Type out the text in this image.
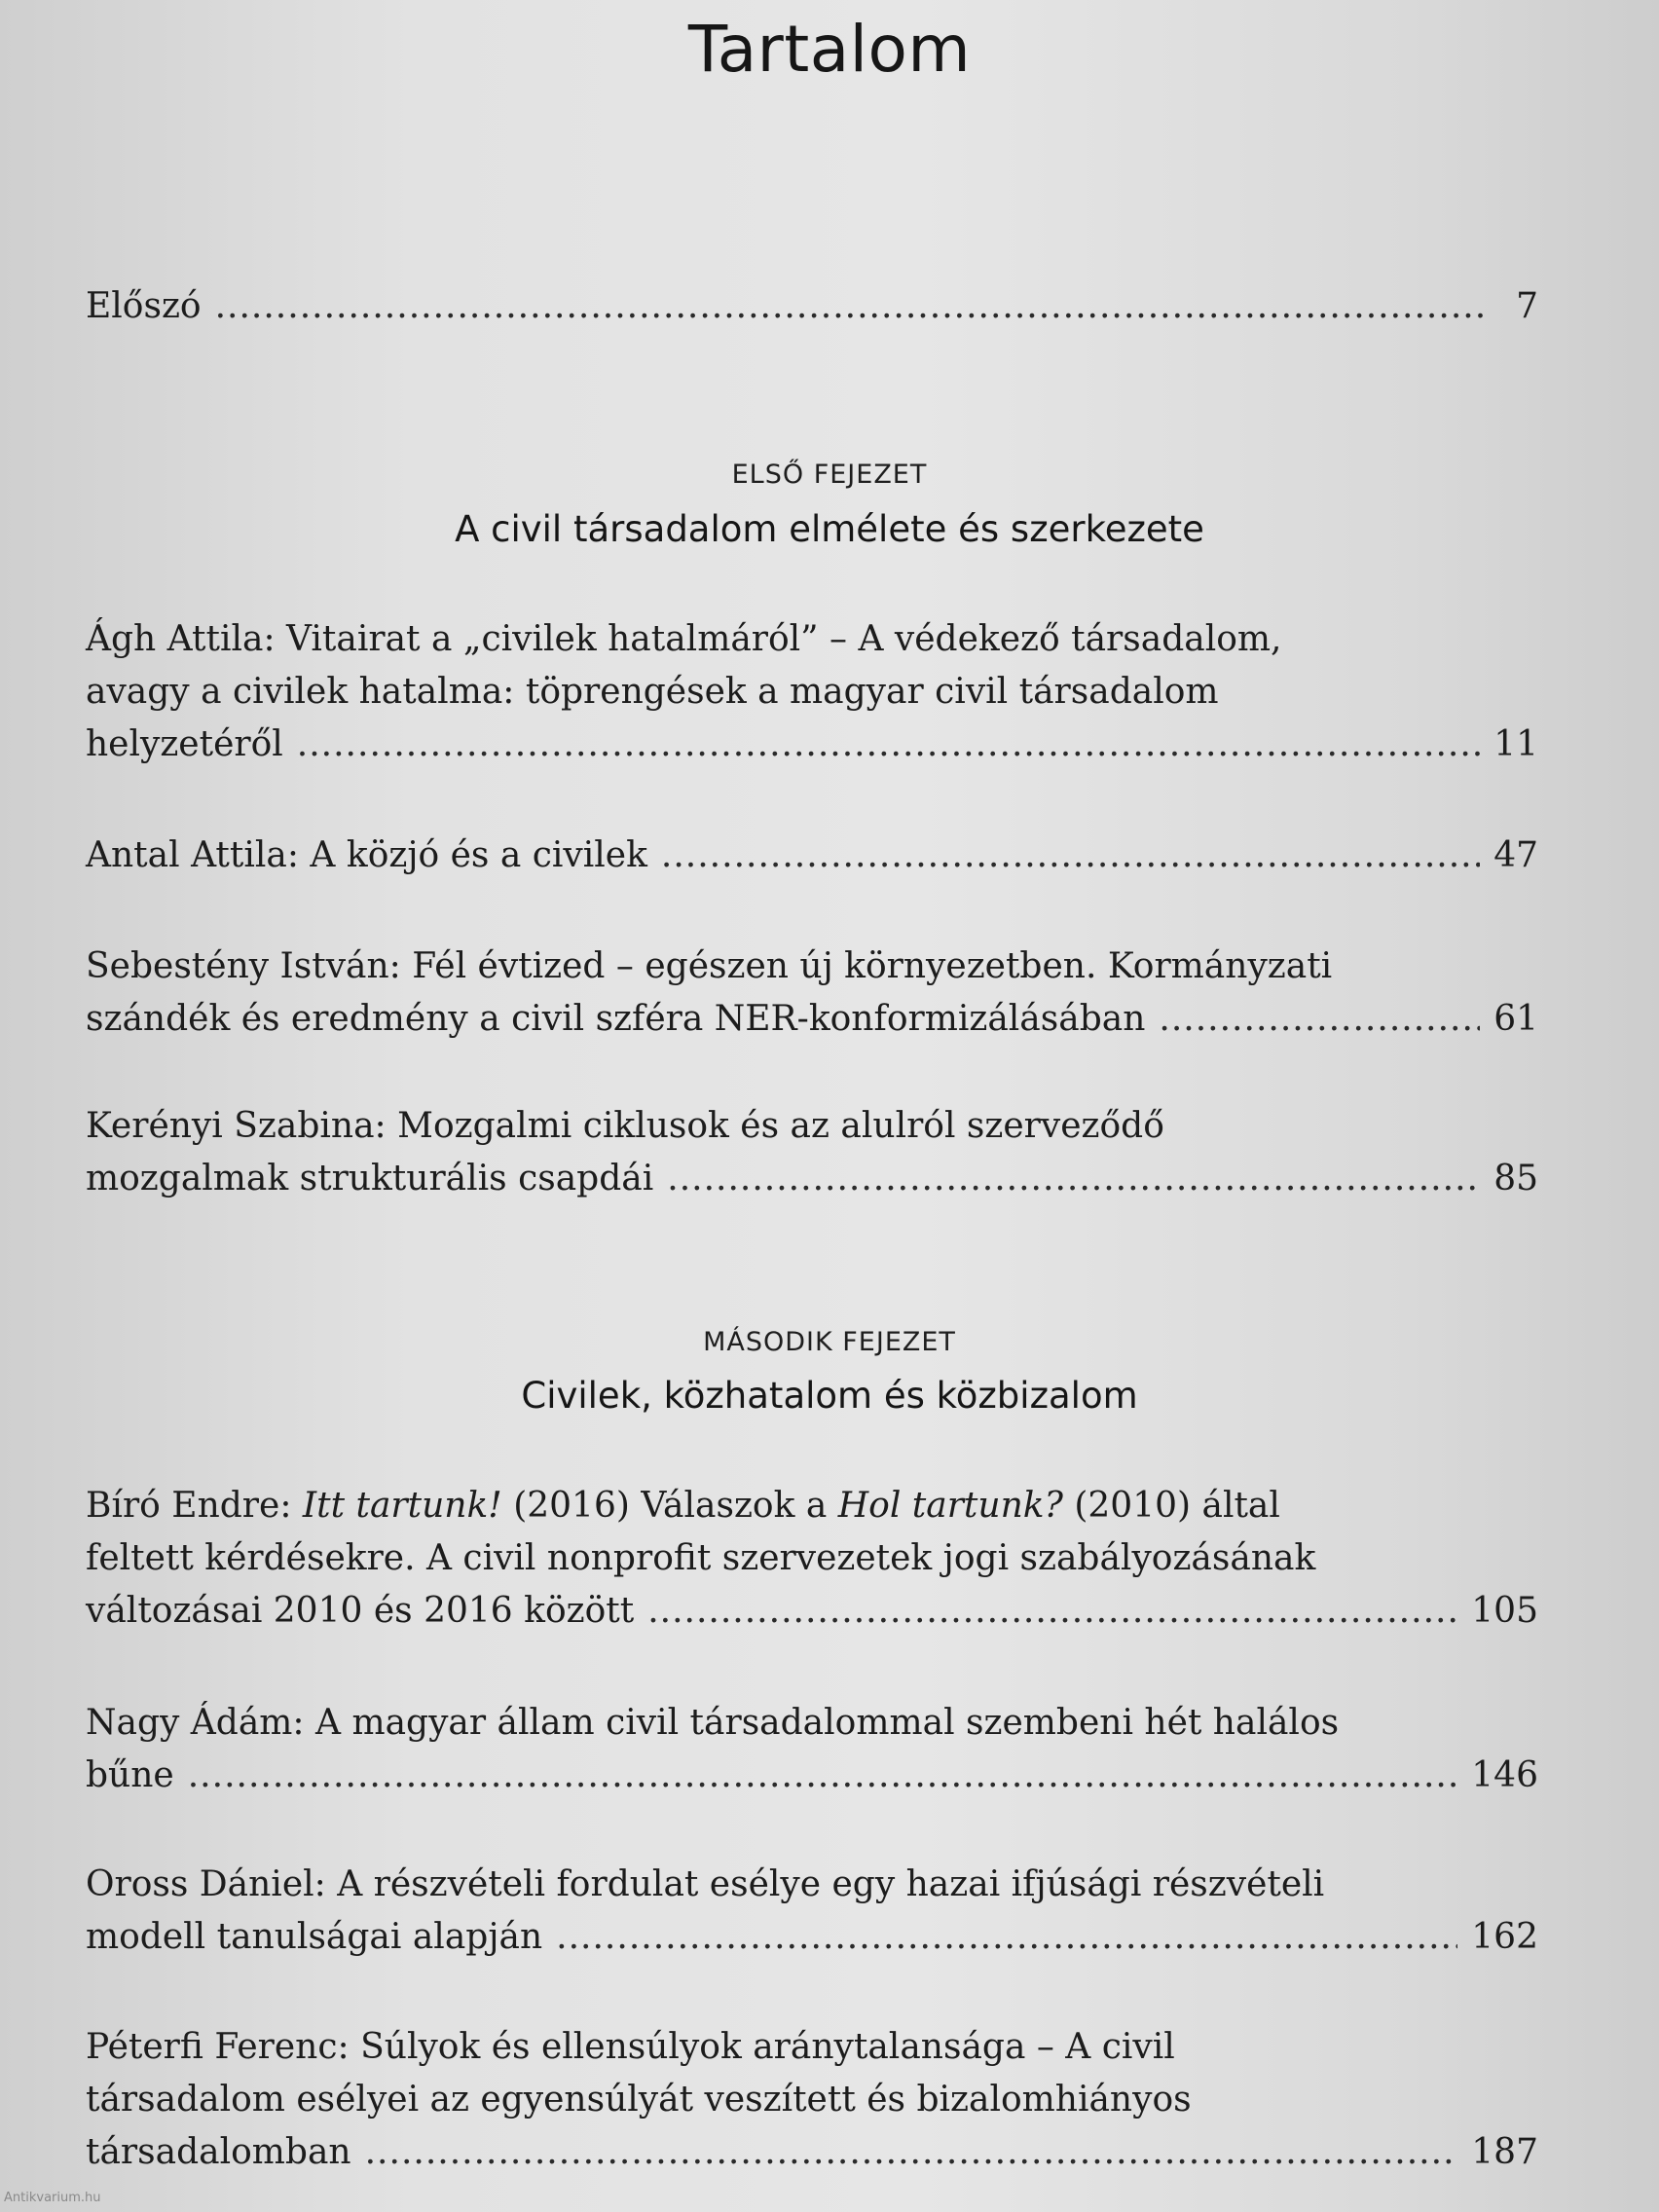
Tartalom
Előszó .....	7
ELSŐ FEJEZET
A civil társadalom elmélete és szerkezete
Ágh Attila: Vitairat a „civilek hatalmáról” – A védekező társadalom,
avagy a civilek hatalma: töprengések a magyar civil társadalom
helyzetéről .....	11
Antal Attila: A közjó és a civilek .....	47
Sebestény István: Fél évtized – egészen új környezetben. Kormányzati
szándék és eredmény a civil szféra NER-konformizálásában .....	61
Kerényi Szabina: Mozgalmi ciklusok és az alulról szerveződő
mozgalmak strukturális csapdái .....	85
MÁSODIK FEJEZET
Civilek, közhatalom és közbizalom
Bíró Endre: Itt tartunk! (2016) Válaszok a Hol tartunk? (2010) által
feltett kérdésekre. A civil nonprofit szervezetek jogi szabályozásának
változásai 2010 és 2016 között .....	105
Nagy Ádám: A magyar állam civil társadalommal szembeni hét halálos
bűne .....	146
Oross Dániel: A részvételi fordulat esélye egy hazai ifjúsági részvételi
modell tanulságai alapján .....	162
Péterfi Ferenc: Súlyok és ellensúlyok aránytalansága – A civil
társadalom esélyei az egyensúlyát veszített és bizalomhiányos
társadalomban .....	187
Antikvarium.hu
